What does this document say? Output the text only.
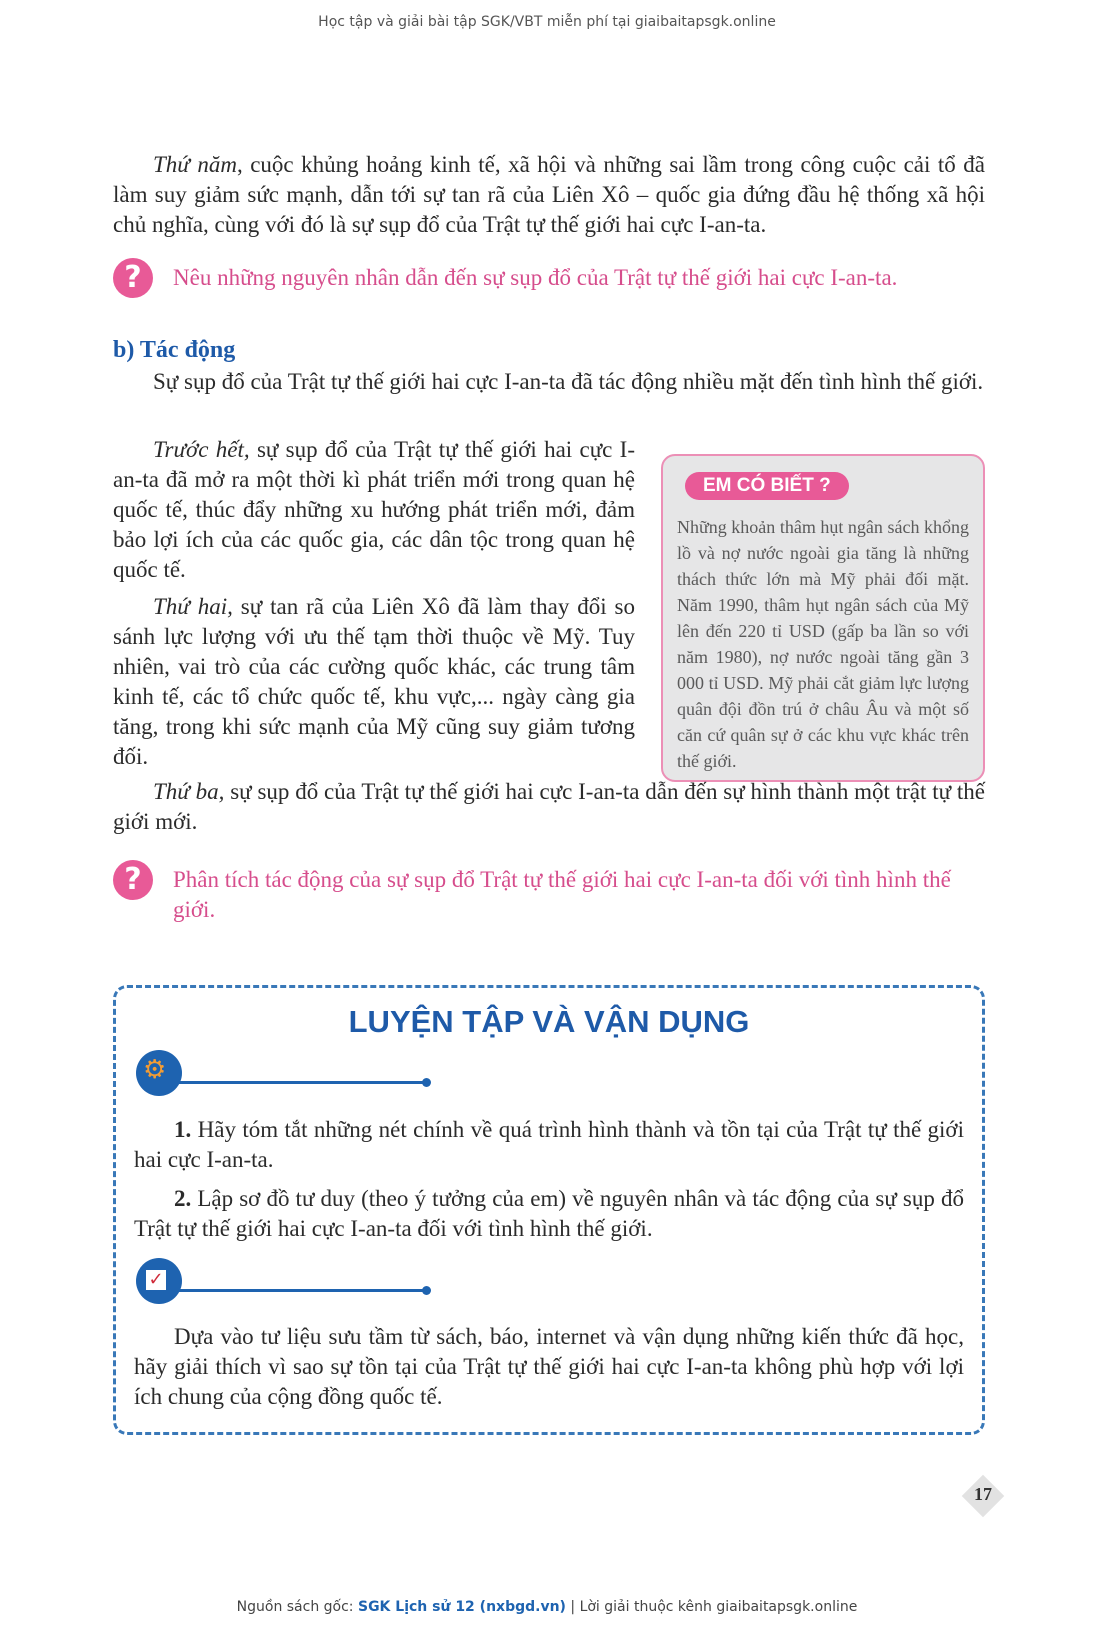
Học tập và giải bài tập SGK/VBT miễn phí tại giaibaitapsgk.online
Thứ năm, cuộc khủng hoảng kinh tế, xã hội và những sai lầm trong công cuộc cải tổ đã làm suy giảm sức mạnh, dẫn tới sự tan rã của Liên Xô – quốc gia đứng đầu hệ thống xã hội chủ nghĩa, cùng với đó là sự sụp đổ của Trật tự thế giới hai cực I-an-ta.
?	Nêu những nguyên nhân dẫn đến sự sụp đổ của Trật tự thế giới hai cực I-an-ta.
b) Tác động
Sự sụp đổ của Trật tự thế giới hai cực I-an-ta đã tác động nhiều mặt đến tình hình thế giới.
Trước hết, sự sụp đổ của Trật tự thế giới hai cực I-an-ta đã mở ra một thời kì phát triển mới trong quan hệ quốc tế, thúc đẩy những xu hướng phát triển mới, đảm bảo lợi ích của các quốc gia, các dân tộc trong quan hệ quốc tế.
Thứ hai, sự tan rã của Liên Xô đã làm thay đổi so sánh lực lượng với ưu thế tạm thời thuộc về Mỹ. Tuy nhiên, vai trò của các cường quốc khác, các trung tâm kinh tế, các tổ chức quốc tế, khu vực,... ngày càng gia tăng, trong khi sức mạnh của Mỹ cũng suy giảm tương đối.
EM CÓ BIẾT ?
Những khoản thâm hụt ngân sách khổng lồ và nợ nước ngoài gia tăng là những thách thức lớn mà Mỹ phải đối mặt. Năm 1990, thâm hụt ngân sách của Mỹ lên đến 220 tỉ USD (gấp ba lần so với năm 1980), nợ nước ngoài tăng gần 3 000 tỉ USD. Mỹ phải cắt giảm lực lượng quân đội đồn trú ở châu Âu và một số căn cứ quân sự ở các khu vực khác trên thế giới.
Thứ ba, sự sụp đổ của Trật tự thế giới hai cực I-an-ta dẫn đến sự hình thành một trật tự thế giới mới.
?	Phân tích tác động của sự sụp đổ Trật tự thế giới hai cực I-an-ta đối với tình hình thế giới.
LUYỆN TẬP VÀ VẬN DỤNG
⚙
1. Hãy tóm tắt những nét chính về quá trình hình thành và tồn tại của Trật tự thế giới hai cực I-an-ta.
2. Lập sơ đồ tư duy (theo ý tưởng của em) về nguyên nhân và tác động của sự sụp đổ Trật tự thế giới hai cực I-an-ta đối với tình hình thế giới.
✓
Dựa vào tư liệu sưu tầm từ sách, báo, internet và vận dụng những kiến thức đã học, hãy giải thích vì sao sự tồn tại của Trật tự thế giới hai cực I-an-ta không phù hợp với lợi ích chung của cộng đồng quốc tế.
17
Nguồn sách gốc: SGK Lịch sử 12 (nxbgd.vn) | Lời giải thuộc kênh giaibaitapsgk.online
